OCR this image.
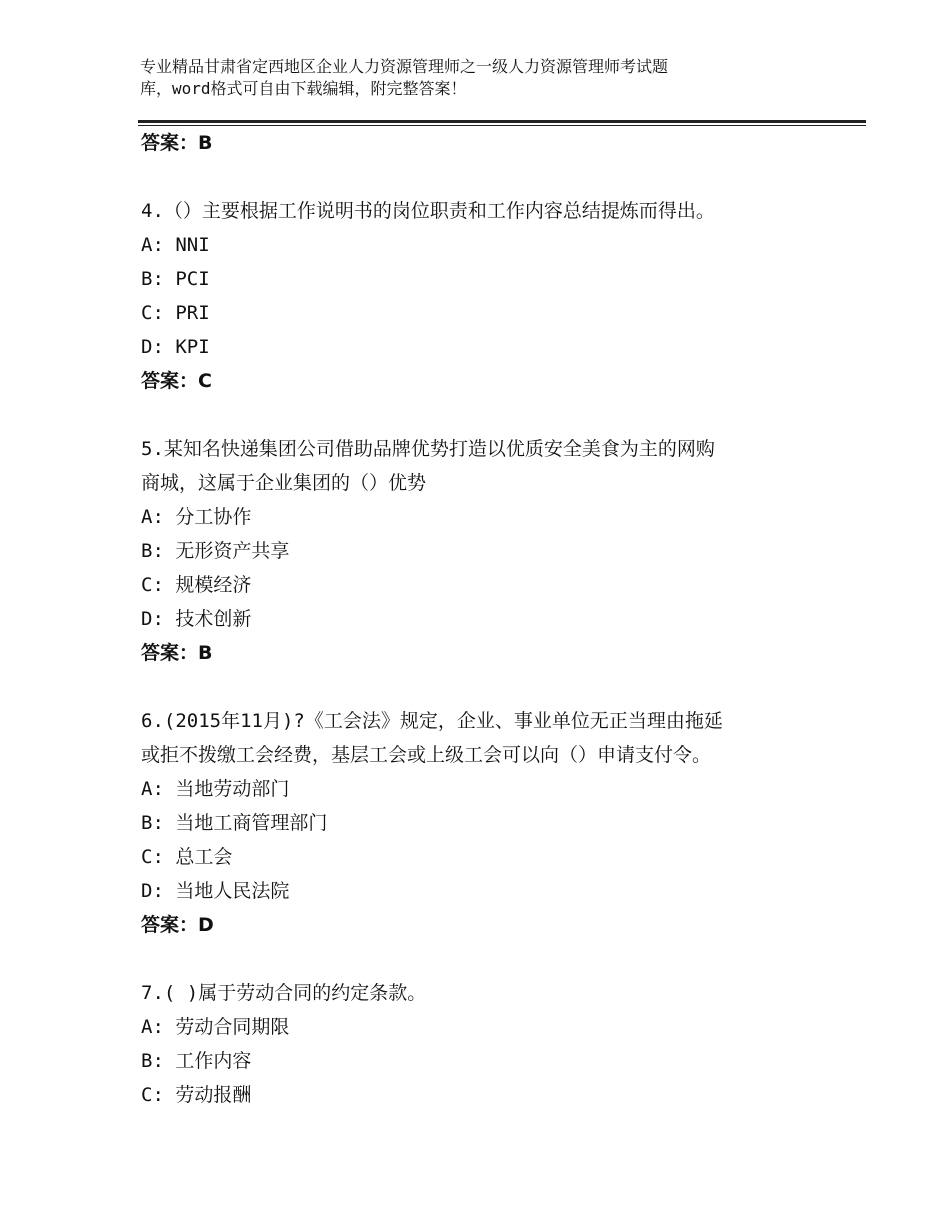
专业精品甘肃省定西地区企业人力资源管理师之一级人力资源管理师考试题
库，word格式可自由下载编辑，附完整答案！
答案：B
4.（）主要根据工作说明书的岗位职责和工作内容总结提炼而得出。
A: NNI
B: PCI
C: PRI
D: KPI
答案：C
5.某知名快递集团公司借助品牌优势打造以优质安全美食为主的网购
商城，这属于企业集团的（）优势
A: 分工协作
B: 无形资产共享
C: 规模经济
D: 技术创新
答案：B
6.(2015年11月)?《工会法》规定，企业、事业单位无正当理由拖延
或拒不拨缴工会经费，基层工会或上级工会可以向（）申请支付令。
A: 当地劳动部门
B: 当地工商管理部门
C: 总工会
D: 当地人民法院
答案：D
7.( )属于劳动合同的约定条款。
A: 劳动合同期限
B: 工作内容
C: 劳动报酬
